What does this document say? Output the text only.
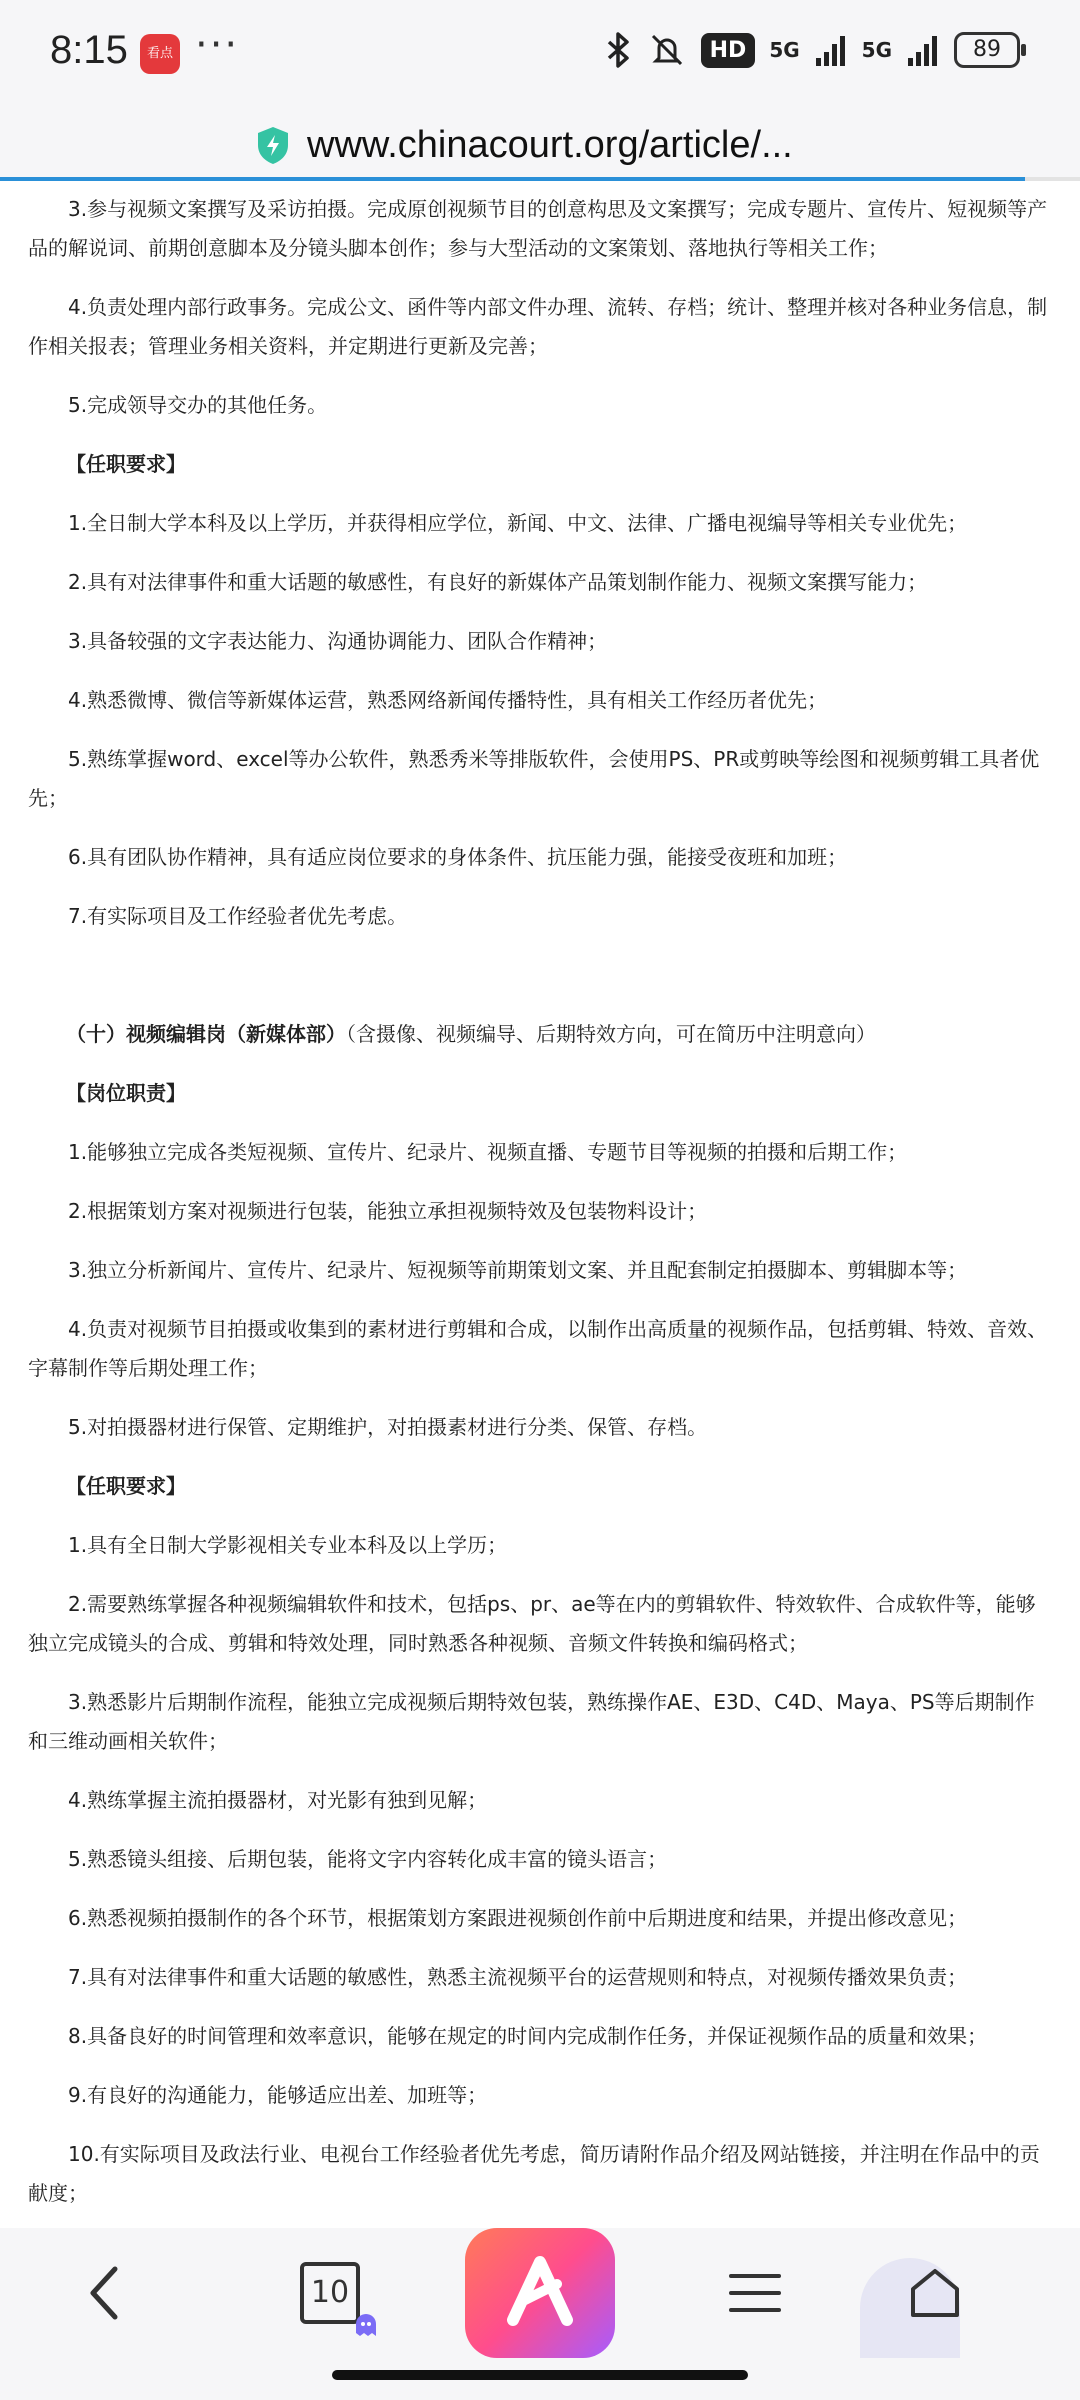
8:15	看点 ···	HD	5G	5G	89
www.chinacourt.org/article/...

3.参与视频文案撰写及采访拍摄。完成原创视频节目的创意构思及文案撰写；完成专题片、宣传片、短视频等产品的解说词、前期创意脚本及分镜头脚本创作；参与大型活动的文案策划、落地执行等相关工作；

4.负责处理内部行政事务。完成公文、函件等内部文件办理、流转、存档；统计、整理并核对各种业务信息，制作相关报表；管理业务相关资料，并定期进行更新及完善；

5.完成领导交办的其他任务。

【任职要求】

1.全日制大学本科及以上学历，并获得相应学位，新闻、中文、法律、广播电视编导等相关专业优先；

2.具有对法律事件和重大话题的敏感性，有良好的新媒体产品策划制作能力、视频文案撰写能力；

3.具备较强的文字表达能力、沟通协调能力、团队合作精神；

4.熟悉微博、微信等新媒体运营，熟悉网络新闻传播特性，具有相关工作经历者优先；

5.熟练掌握word、excel等办公软件，熟悉秀米等排版软件，会使用PS、PR或剪映等绘图和视频剪辑工具者优先；

6.具有团队协作精神，具有适应岗位要求的身体条件、抗压能力强，能接受夜班和加班；

7.有实际项目及工作经验者优先考虑。

（十）视频编辑岗（新媒体部）（含摄像、视频编导、后期特效方向，可在简历中注明意向）

【岗位职责】

1.能够独立完成各类短视频、宣传片、纪录片、视频直播、专题节目等视频的拍摄和后期工作；

2.根据策划方案对视频进行包装，能独立承担视频特效及包装物料设计；

3.独立分析新闻片、宣传片、纪录片、短视频等前期策划文案、并且配套制定拍摄脚本、剪辑脚本等；

4.负责对视频节目拍摄或收集到的素材进行剪辑和合成，以制作出高质量的视频作品，包括剪辑、特效、音效、字幕制作等后期处理工作；

5.对拍摄器材进行保管、定期维护，对拍摄素材进行分类、保管、存档。

【任职要求】

1.具有全日制大学影视相关专业本科及以上学历；

2.需要熟练掌握各种视频编辑软件和技术，包括ps、pr、ae等在内的剪辑软件、特效软件、合成软件等，能够独立完成镜头的合成、剪辑和特效处理，同时熟悉各种视频、音频文件转换和编码格式；

3.熟悉影片后期制作流程，能独立完成视频后期特效包装，熟练操作AE、E3D、C4D、Maya、PS等后期制作和三维动画相关软件；

4.熟练掌握主流拍摄器材，对光影有独到见解；

5.熟悉镜头组接、后期包装，能将文字内容转化成丰富的镜头语言；

6.熟悉视频拍摄制作的各个环节，根据策划方案跟进视频创作前中后期进度和结果，并提出修改意见；

7.具有对法律事件和重大话题的敏感性，熟悉主流视频平台的运营规则和特点，对视频传播效果负责；

8.具备良好的时间管理和效率意识，能够在规定的时间内完成制作任务，并保证视频作品的质量和效果；

9.有良好的沟通能力，能够适应出差、加班等；

10.有实际项目及政法行业、电视台工作经验者优先考虑，简历请附作品介绍及网站链接，并注明在作品中的贡献度；

10
